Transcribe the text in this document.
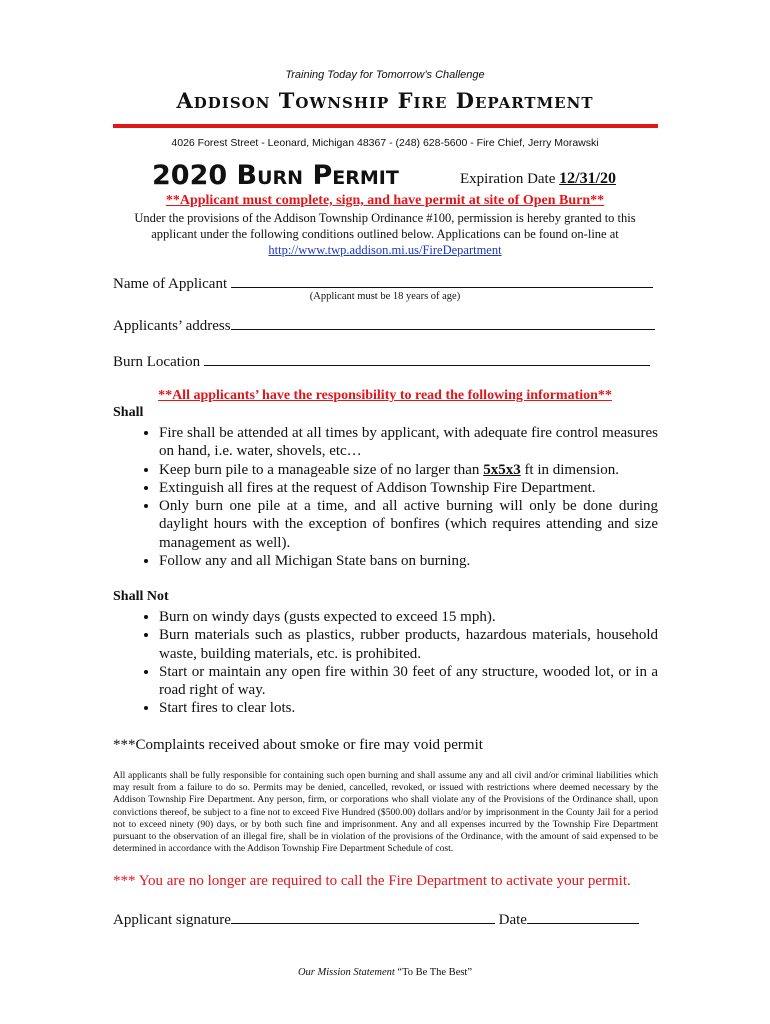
Training Today for Tomorrow’s Challenge
Addison Township Fire Department
4026 Forest Street - Leonard, Michigan 48367 - (248) 628-5600 - Fire Chief, Jerry Morawski
2020 Burn Permit	Expiration Date 12/31/20
**Applicant must complete, sign, and have permit at site of Open Burn**
Under the provisions of the Addison Township Ordinance #100, permission is hereby granted to this
applicant under the following conditions outlined below. Applications can be found on-line at
http://www.twp.addison.mi.us/FireDepartment
Name of Applicant
(Applicant must be 18 years of age)
Applicants’ address
Burn Location
**All applicants’ have the responsibility to read the following information**
Shall
• Fire shall be attended at all times by applicant, with adequate fire control measures on hand, i.e. water, shovels, etc…
• Keep burn pile to a manageable size of no larger than 5x5x3 ft in dimension.
• Extinguish all fires at the request of Addison Township Fire Department.
• Only burn one pile at a time, and all active burning will only be done during daylight hours with the exception of bonfires (which requires attending and size management as well).
• Follow any and all Michigan State bans on burning.
Shall Not
• Burn on windy days (gusts expected to exceed 15 mph).
• Burn materials such as plastics, rubber products, hazardous materials, household waste, building materials, etc. is prohibited.
• Start or maintain any open fire within 30 feet of any structure, wooded lot, or in a road right of way.
• Start fires to clear lots.
***Complaints received about smoke or fire may void permit
All applicants shall be fully responsible for containing such open burning and shall assume any and all civil and/or criminal liabilities which may result from a failure to do so. Permits may be denied, cancelled, revoked, or issued with restrictions where deemed necessary by the Addison Township Fire Department. Any person, firm, or corporations who shall violate any of the Provisions of the Ordinance shall, upon convictions thereof, be subject to a fine not to exceed Five Hundred ($500.00) dollars and/or by imprisonment in the County Jail for a period not to exceed ninety (90) days, or by both such fine and imprisonment. Any and all expenses incurred by the Township Fire Department pursuant to the observation of an illegal fire, shall be in violation of the provisions of the Ordinance, with the amount of said expensed to be determined in accordance with the Addison Township Fire Department Schedule of cost.
*** You are no longer are required to call the Fire Department to activate your permit.
Applicant signature	Date
Our Mission Statement “To Be The Best”
